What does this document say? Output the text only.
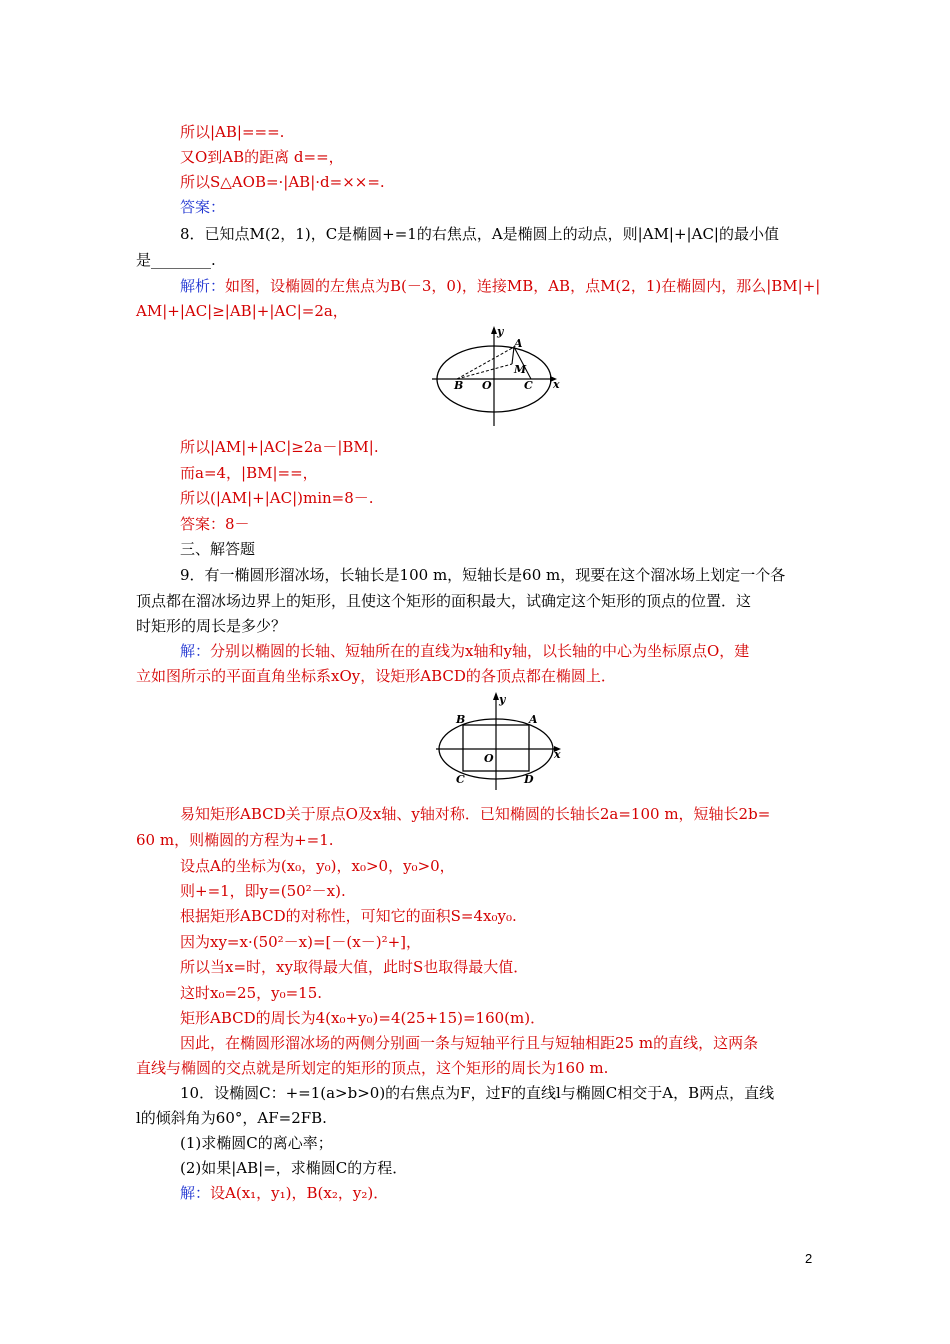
所以|AB|===.
又O到AB的距离 d==，
所以S△AOB=·|AB|·d=××=.
答案：
8．已知点M(2，1)，C是椭圆+=1的右焦点，A是椭圆上的动点，则|AM|+|AC|的最小值
是________.
解析：如图，设椭圆的左焦点为B(－3，0)，连接MB，AB，点M(2，1)在椭圆内，那么|BM|+|
AM|+|AC|≥|AB|+|AC|=2a，
y
x
A
M
B O	C
所以|AM|+|AC|≥2a－|BM|.
而a=4，|BM|==，
所以(|AM|+|AC|)min=8－.
答案：8－
三、解答题
9．有一椭圆形溜冰场，长轴长是100 m，短轴长是60 m，现要在这个溜冰场上划定一个各
顶点都在溜冰场边界上的矩形，且使这个矩形的面积最大，试确定这个矩形的顶点的位置．这
时矩形的周长是多少？
解：分别以椭圆的长轴、短轴所在的直线为x轴和y轴，以长轴的中心为坐标原点O，建
立如图所示的平面直角坐标系xOy，设矩形ABCD的各顶点都在椭圆上．
y
x
B	A
C	D
O
易知矩形ABCD关于原点O及x轴、y轴对称．已知椭圆的长轴长2a=100 m，短轴长2b=
60 m，则椭圆的方程为+=1.
设点A的坐标为(x₀，y₀)，x₀>0，y₀>0，
则+=1，即y=(50²－x).
根据矩形ABCD的对称性，可知它的面积S=4x₀y₀.
因为xy=x·(50²－x)=[－(x－)²+]，
所以当x=时，xy取得最大值，此时S也取得最大值．
这时x₀=25，y₀=15.
矩形ABCD的周长为4(x₀+y₀)=4(25+15)=160(m)．
因此，在椭圆形溜冰场的两侧分别画一条与短轴平行且与短轴相距25 m的直线，这两条
直线与椭圆的交点就是所划定的矩形的顶点，这个矩形的周长为160 m.
10．设椭圆C：+=1(a>b>0)的右焦点为F，过F的直线l与椭圆C相交于A，B两点，直线
l的倾斜角为60°，AF=2FB.
(1)求椭圆C的离心率；
(2)如果|AB|=，求椭圆C的方程．
解：设A(x₁，y₁)，B(x₂，y₂)．
2
